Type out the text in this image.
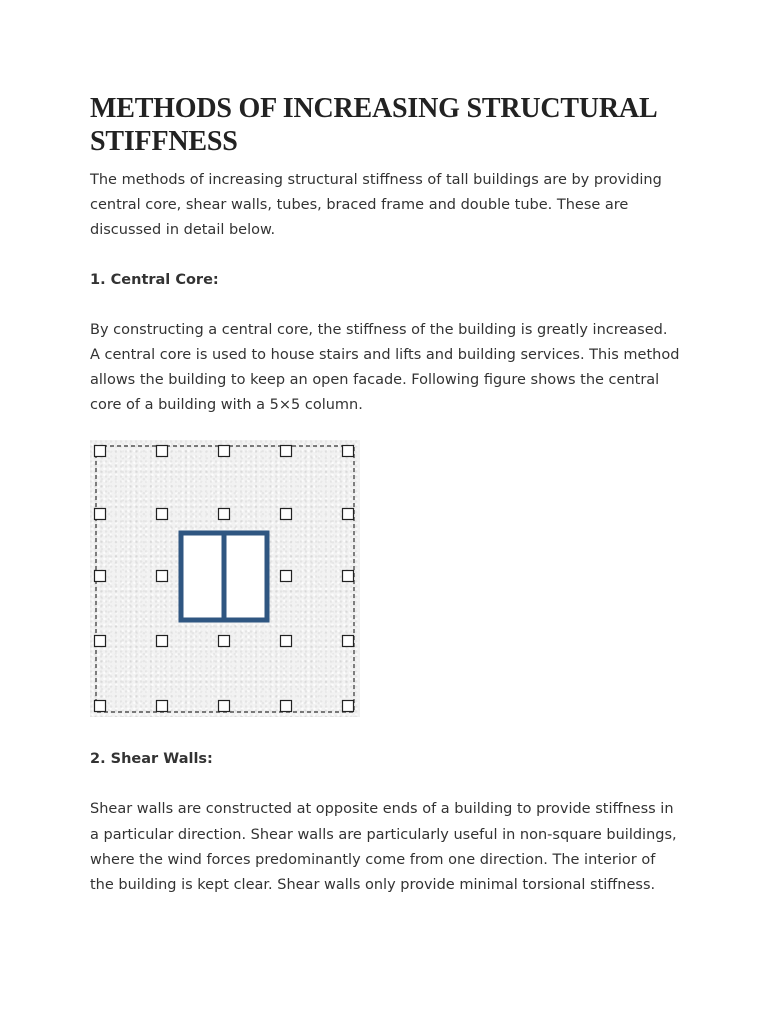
METHODS OF INCREASING STRUCTURAL STIFFNESS

The methods of increasing structural stiffness of tall buildings are by providing central core, shear walls, tubes, braced frame and double tube. These are discussed in detail below.

1. Central Core:

By constructing a central core, the stiffness of the building is greatly increased. A central core is used to house stairs and lifts and building services. This method allows the building to keep an open facade. Following figure shows the central core of a building with a 5×5 column.

2. Shear Walls:

Shear walls are constructed at opposite ends of a building to provide stiffness in a particular direction. Shear walls are particularly useful in non-square buildings, where the wind forces predominantly come from one direction. The interior of the building is kept clear. Shear walls only provide minimal torsional stiffness.
